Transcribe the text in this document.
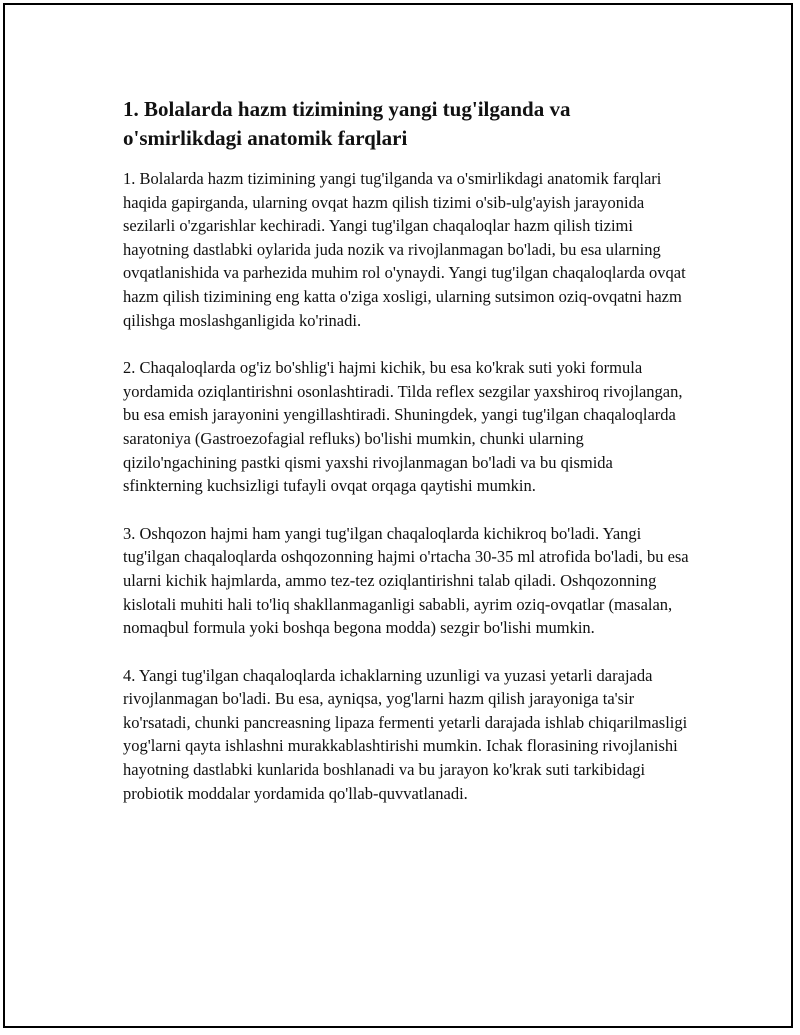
1. Bolalarda hazm tizimining yangi tug'ilganda va o'smirlikdagi anatomik farqlari

1. Bolalarda hazm tizimining yangi tug'ilganda va o'smirlikdagi anatomik farqlari haqida gapirganda, ularning ovqat hazm qilish tizimi o'sib-ulg'ayish jarayonida sezilarli o'zgarishlar kechiradi. Yangi tug'ilgan chaqaloqlar hazm qilish tizimi hayotning dastlabki oylarida juda nozik va rivojlanmagan bo'ladi, bu esa ularning ovqatlanishida va parhezida muhim rol o'ynaydi. Yangi tug'ilgan chaqaloqlarda ovqat hazm qilish tizimining eng katta o'ziga xosligi, ularning sutsimon oziq-ovqatni hazm qilishga moslashganligida ko'rinadi.

2. Chaqaloqlarda og'iz bo'shlig'i hajmi kichik, bu esa ko'krak suti yoki formula yordamida oziqlantirishni osonlashtiradi. Tilda reflex sezgilar yaxshiroq rivojlangan, bu esa emish jarayonini yengillashtiradi. Shuningdek, yangi tug'ilgan chaqaloqlarda saratoniya (Gastroezofagial refluks) bo'lishi mumkin, chunki ularning qizilo'ngachining pastki qismi yaxshi rivojlanmagan bo'ladi va bu qismida sfinkterning kuchsizligi tufayli ovqat orqaga qaytishi mumkin.

3. Oshqozon hajmi ham yangi tug'ilgan chaqaloqlarda kichikroq bo'ladi. Yangi tug'ilgan chaqaloqlarda oshqozonning hajmi o'rtacha 30-35 ml atrofida bo'ladi, bu esa ularni kichik hajmlarda, ammo tez-tez oziqlantirishni talab qiladi. Oshqozonning kislotali muhiti hali to'liq shakllanmaganligi sababli, ayrim oziq-ovqatlar (masalan, nomaqbul formula yoki boshqa begona modda) sezgir bo'lishi mumkin.

4. Yangi tug'ilgan chaqaloqlarda ichaklarning uzunligi va yuzasi yetarli darajada rivojlanmagan bo'ladi. Bu esa, ayniqsa, yog'larni hazm qilish jarayoniga ta'sir ko'rsatadi, chunki pancreasning lipaza fermenti yetarli darajada ishlab chiqarilmasligi yog'larni qayta ishlashni murakkablashtirishi mumkin. Ichak florasining rivojlanishi hayotning dastlabki kunlarida boshlanadi va bu jarayon ko'krak suti tarkibidagi probiotik moddalar yordamida qo'llab-quvvatlanadi.
